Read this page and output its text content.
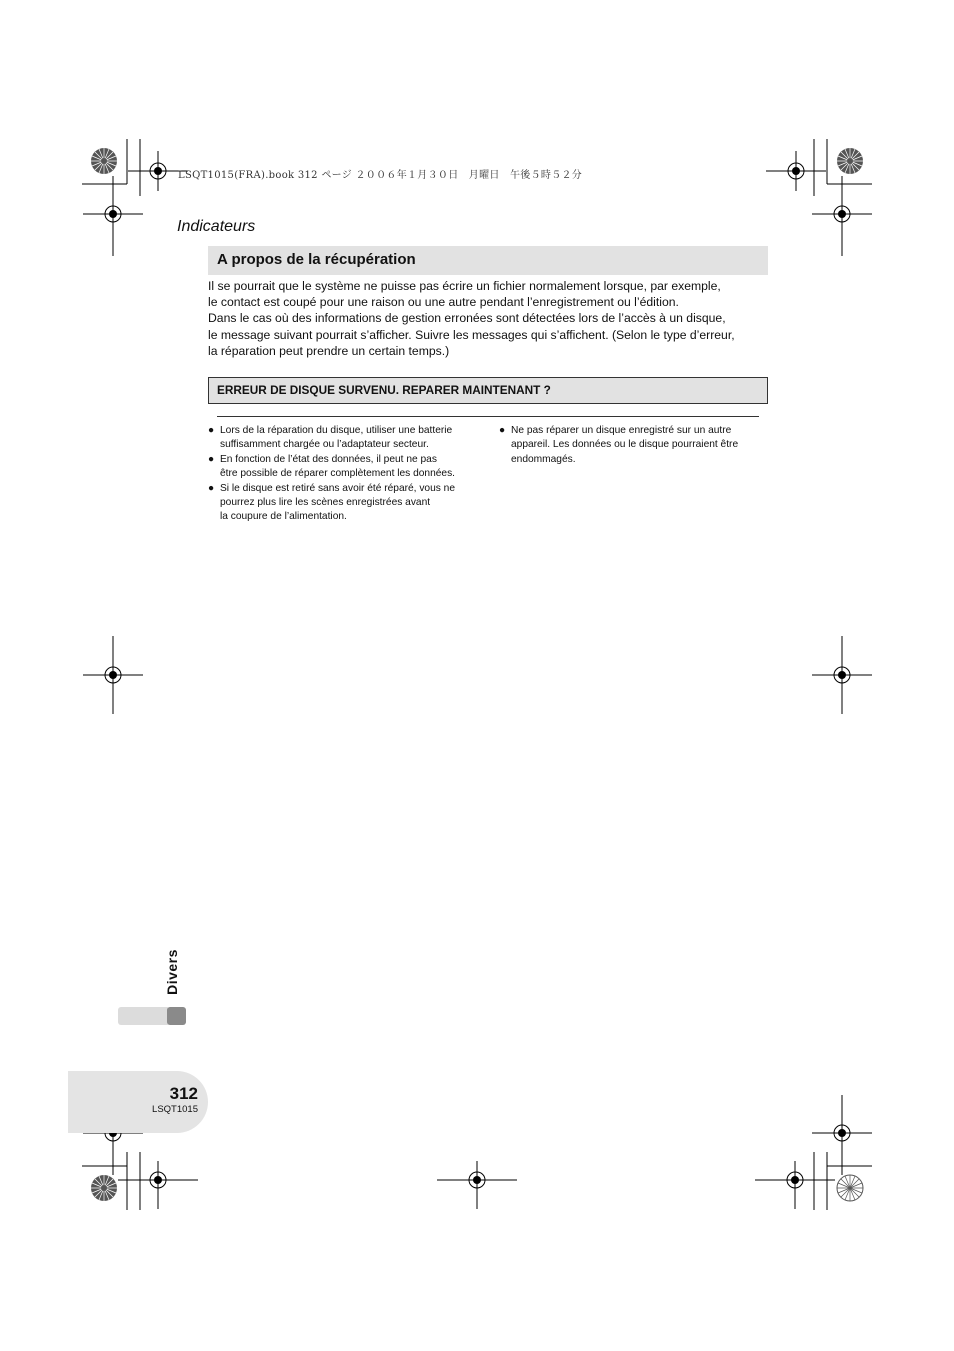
LSQT1015(FRA).book 312 ページ ２００６年１月３０日　月曜日　午後５時５２分
Indicateurs
A propos de la récupération

Il se pourrait que le système ne puisse pas écrire un fichier normalement lorsque, par exemple,

le contact est coupé pour une raison ou une autre pendant l’enregistrement ou l’édition.

Dans le cas où des informations de gestion erronées sont détectées lors de l’accès à un disque,

le message suivant pourrait s’afficher. Suivre les messages qui s’affichent. (Selon le type d’erreur,

la réparation peut prendre un certain temps.)

ERREUR DE DISQUE SURVENU. REPARER MAINTENANT ?
● Lors de la réparation du disque, utiliser une batterie

suffisamment chargée ou l’adaptateur secteur.

● En fonction de l’état des données, il peut ne pas

être possible de réparer complètement les données.

● Si le disque est retiré sans avoir été réparé, vous ne

pourrez plus lire les scènes enregistrées avant

la coupure de l’alimentation.

● Ne pas réparer un disque enregistré sur un autre

appareil. Les données ou le disque pourraient être

endommagés.

Divers
312
LSQT1015
